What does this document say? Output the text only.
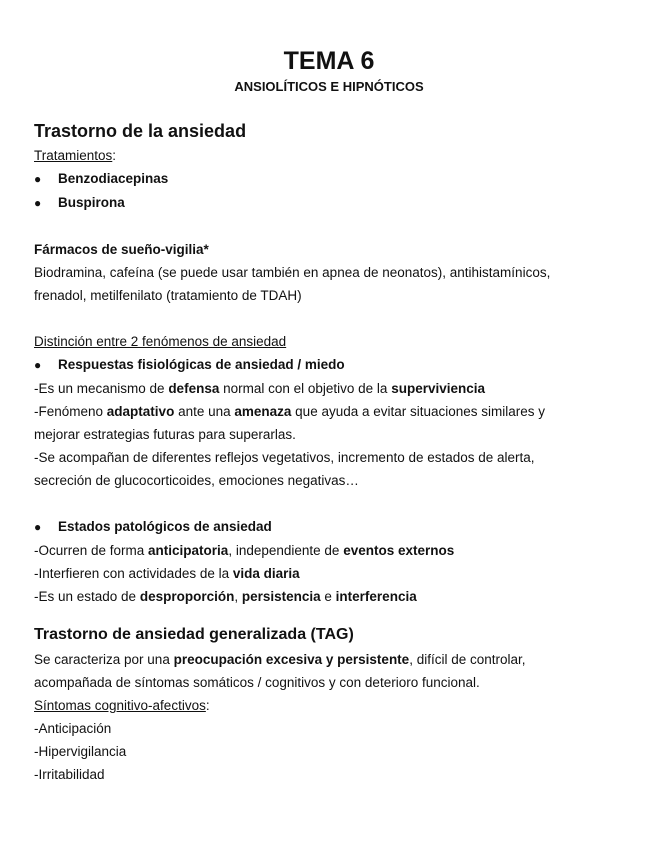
TEMA 6

ANSIOLÍTICOS E HIPNÓTICOS

Trastorno de la ansiedad

Tratamientos:

●	Benzodiacepinas
●	Buspirona

Fármacos de sueño-vigilia*

Biodramina, cafeína (se puede usar también en apnea de neonatos), antihistamínicos,

frenadol, metilfenilato (tratamiento de TDAH)

Distinción entre 2 fenómenos de ansiedad

●	Respuestas fisiológicas de ansiedad / miedo

-Es un mecanismo de defensa normal con el objetivo de la superviviencia

-Fenómeno adaptativo ante una amenaza que ayuda a evitar situaciones similares y

mejorar estrategias futuras para superarlas.

-Se acompañan de diferentes reflejos vegetativos, incremento de estados de alerta,

secreción de glucocorticoides, emociones negativas…

●	Estados patológicos de ansiedad

-Ocurren de forma anticipatoria, independiente de eventos externos

-Interfieren con actividades de la vida diaria

-Es un estado de desproporción, persistencia e interferencia

Trastorno de ansiedad generalizada (TAG)

Se caracteriza por una preocupación excesiva y persistente, difícil de controlar,

acompañada de síntomas somáticos / cognitivos y con deterioro funcional.

Síntomas cognitivo-afectivos:

-Anticipación

-Hipervigilancia

-Irritabilidad
